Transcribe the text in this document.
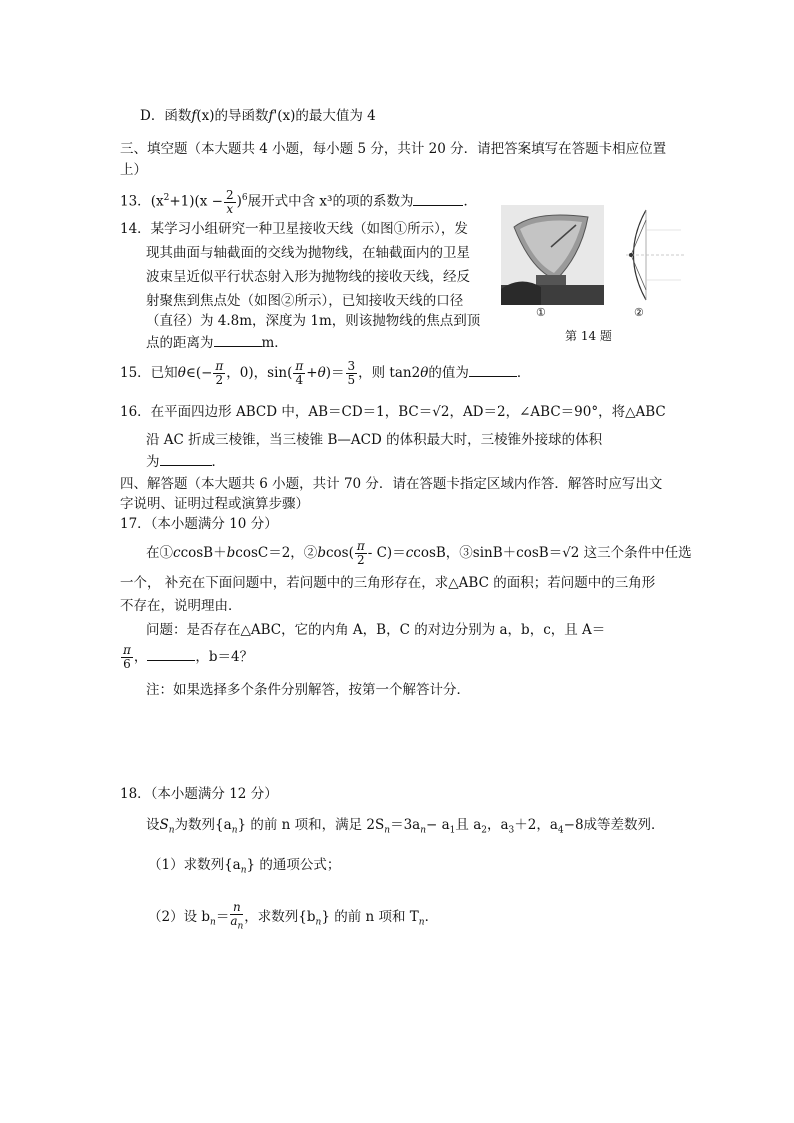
D．函数f(x)的导函数f'(x)的最大值为 4
三、填空题（本大题共 4 小题，每小题 5 分，共计 20 分．请把答案填写在答题卡相应位置
上）
13．$(x^2+1)(x - \frac{2}{x} )^6$展开式中含 x³的项的系数为	．
14．某学习小组研究一种卫星接收天线（如图①所示），发
现其曲面与轴截面的交线为抛物线，在轴截面内的卫星
波束呈近似平行状态射入形为抛物线的接收天线，经反
射聚焦到焦点处（如图②所示），已知接收天线的口径
（直径）为 4.8m，深度为 1m，则该抛物线的焦点到顶
点的距离为	m．
①	②
第 14 题
15．已知θ∈(− $\frac{\pi}{2}$ ，0)，$\sin( \frac{\pi}{4} +\theta)= \frac{3}{5}$ ，则 tan2θ的值为	．
16．在平面四边形 ABCD 中，AB＝CD＝1，BC＝√2，AD＝2，∠ABC＝90°，将△ABC
沿 AC 折成三棱锥，当三棱锥 B—ACD 的体积最大时，三棱锥外接球的体积
为	．
四、解答题（本大题共 6 小题，共计 70 分．请在答题卡指定区域内作答．解答时应写出文
字说明、证明过程或演算步骤）
17．（本小题满分 10 分）
在①ccosB＋bcosC＝2，②bcos( $\frac{\pi}{2} - C)=ccosB$，③sinB＋cosB＝√2 这三个条件中任选
一个， 补充在下面问题中，若问题中的三角形存在，求△ABC 的面积；若问题中的三角形
不存在，说明理由．
问题：是否存在△ABC，它的内角 A，B，C 的对边分别为 a，b，c，且 A＝
$\frac{\pi}{6}$ ，	，b＝4？
注：如果选择多个条件分别解答，按第一个解答计分．
18．（本小题满分 12 分）
设$S_n$为数列$\{a_n\}$ 的前 n 项和，满足 $2S_n=3a_n- a_1$且 $a_2$，$a_3+2$，$a_4-8$成等差数列．
（1）求数列$\{a_n\}$ 的通项公式；
（2）设 $b_n= \frac{n}{a_n}$ ，求数列$\{b_n\}$ 的前 n 项和 $T_n$．
